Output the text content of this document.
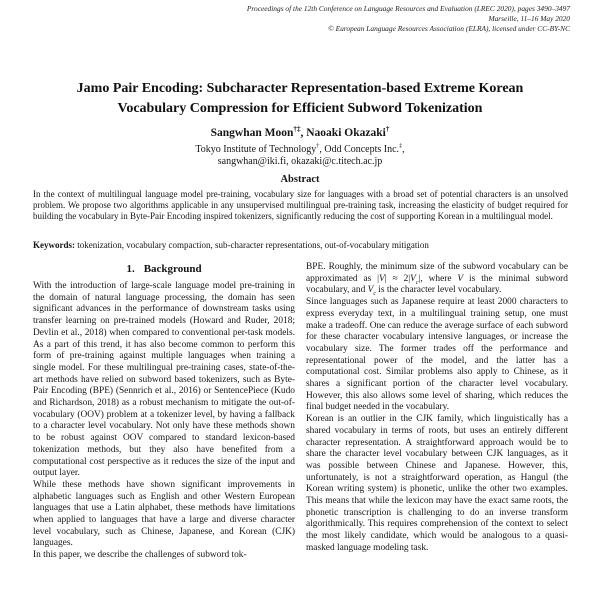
Proceedings of the 12th Conference on Language Resources and Evaluation (LREC 2020), pages 3490–3497
Marseille, 11–16 May 2020
© European Language Resources Association (ELRA), licensed under CC-BY-NC
Jamo Pair Encoding: Subcharacter Representation-based Extreme Korean Vocabulary Compression for Efficient Subword Tokenization
Sangwhan Moon†‡, Naoaki Okazaki†
Tokyo Institute of Technology†, Odd Concepts Inc.‡,
sangwhan@iki.fi, okazaki@c.titech.ac.jp
Abstract
In the context of multilingual language model pre-training, vocabulary size for languages with a broad set of potential characters is an unsolved problem. We propose two algorithms applicable in any unsupervised multilingual pre-training task, increasing the elasticity of budget required for building the vocabulary in Byte-Pair Encoding inspired tokenizers, significantly reducing the cost of supporting Korean in a multilingual model.
Keywords: tokenization, vocabulary compaction, sub-character representations, out-of-vocabulary mitigation
1. Background

With the introduction of large-scale language model pre-training in the domain of natural language processing, the domain has seen significant advances in the performance of downstream tasks using transfer learning on pre-trained models (Howard and Ruder, 2018; Devlin et al., 2018) when compared to conventional per-task models. As a part of this trend, it has also become common to perform this form of pre-training against multiple languages when training a single model. For these multilingual pre-training cases, state-of-the-art methods have relied on subword based tokenizers, such as Byte-Pair Encoding (BPE) (Sennrich et al., 2016) or SentencePiece (Kudo and Richardson, 2018) as a robust mechanism to mitigate the out-of-vocabulary (OOV) problem at a tokenizer level, by having a fallback to a character level vocabulary. Not only have these methods shown to be robust against OOV compared to standard lexicon-based tokenization methods, but they also have benefited from a computational cost perspective as it reduces the size of the input and output layer.

While these methods have shown significant improvements in alphabetic languages such as English and other Western European languages that use a Latin alphabet, these methods have limitations when applied to languages that have a large and diverse character level vocabulary, such as Chinese, Japanese, and Korean (CJK) languages.

In this paper, we describe the challenges of subword tok-

BPE. Roughly, the minimum size of the subword vocabulary can be approximated as $|V| \approx 2|V_c|$, where V is the minimal subword vocabulary, and $V_c$ is the character level vocabulary.

Since languages such as Japanese require at least 2000 characters to express everyday text, in a multilingual training setup, one must make a tradeoff. One can reduce the average surface of each subword for these character vocabulary intensive languages, or increase the vocabulary size. The former trades off the performance and representational power of the model, and the latter has a computational cost. Similar problems also apply to Chinese, as it shares a significant portion of the character level vocabulary. However, this also allows some level of sharing, which reduces the final budget needed in the vocabulary.

Korean is an outlier in the CJK family, which linguistically has a shared vocabulary in terms of roots, but uses an entirely different character representation. A straightforward approach would be to share the character level vocabulary between CJK languages, as it was possible between Chinese and Japanese. However, this, unfortunately, is not a straightforward operation, as Hangul (the Korean writing system) is phonetic, unlike the other two examples. This means that while the lexicon may have the exact same roots, the phonetic transcription is challenging to do an inverse transform algorithmically. This requires comprehension of the context to select the most likely candidate, which would be analogous to a quasi-masked language modeling task.
